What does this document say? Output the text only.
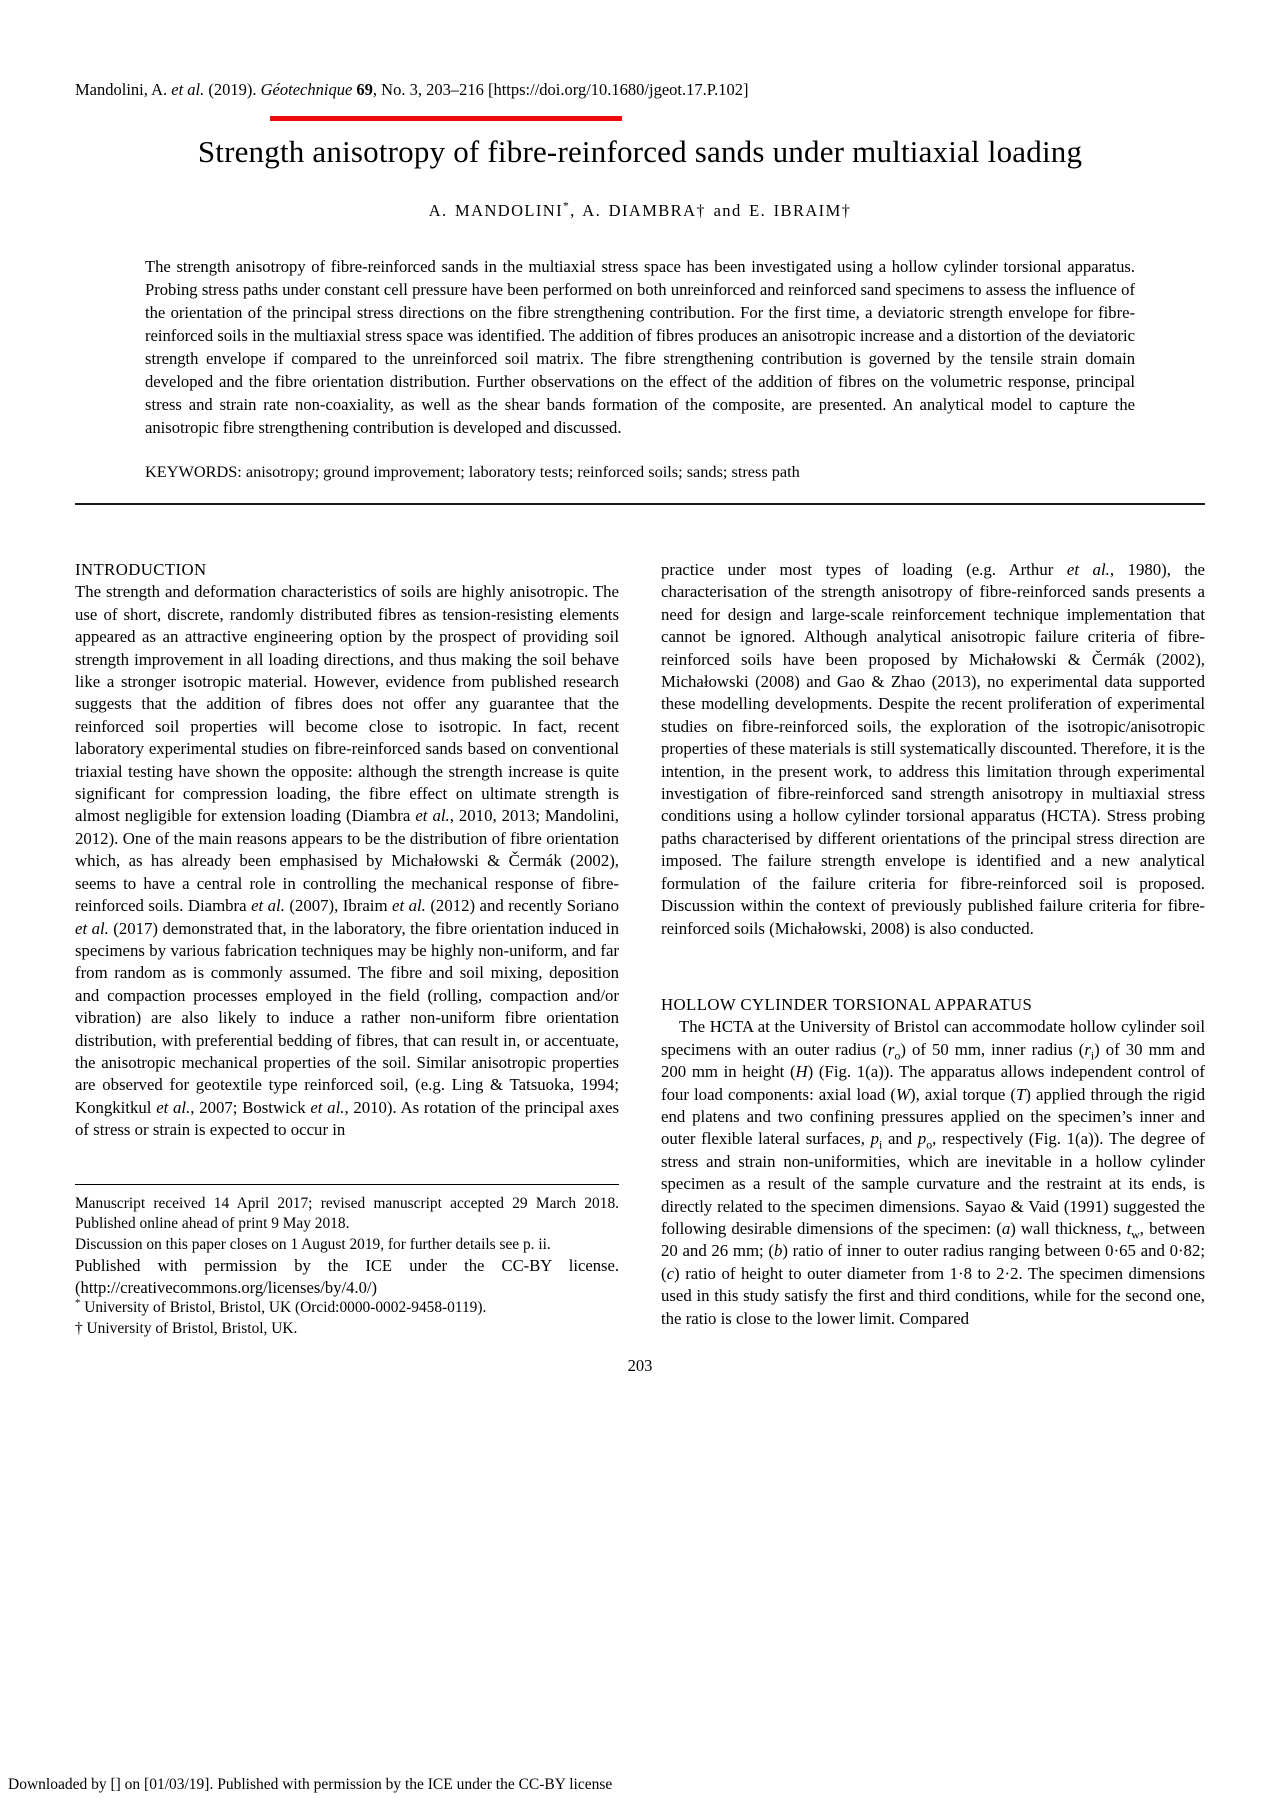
Mandolini, A. et al. (2019). Géotechnique 69, No. 3, 203–216 [https://doi.org/10.1680/jgeot.17.P.102]
Strength anisotropy of fibre-reinforced sands under multiaxial loading
A. MANDOLINI*, A. DIAMBRA† and E. IBRAIM†
The strength anisotropy of fibre-reinforced sands in the multiaxial stress space has been investigated using a hollow cylinder torsional apparatus. Probing stress paths under constant cell pressure have been performed on both unreinforced and reinforced sand specimens to assess the influence of the orientation of the principal stress directions on the fibre strengthening contribution. For the first time, a deviatoric strength envelope for fibre-reinforced soils in the multiaxial stress space was identified. The addition of fibres produces an anisotropic increase and a distortion of the deviatoric strength envelope if compared to the unreinforced soil matrix. The fibre strengthening contribution is governed by the tensile strain domain developed and the fibre orientation distribution. Further observations on the effect of the addition of fibres on the volumetric response, principal stress and strain rate non-coaxiality, as well as the shear bands formation of the composite, are presented. An analytical model to capture the anisotropic fibre strengthening contribution is developed and discussed.
KEYWORDS: anisotropy; ground improvement; laboratory tests; reinforced soils; sands; stress path
INTRODUCTION
The strength and deformation characteristics of soils are highly anisotropic. The use of short, discrete, randomly distributed fibres as tension-resisting elements appeared as an attractive engineering option by the prospect of providing soil strength improvement in all loading directions, and thus making the soil behave like a stronger isotropic material. However, evidence from published research suggests that the addition of fibres does not offer any guarantee that the reinforced soil properties will become close to isotropic. In fact, recent laboratory experimental studies on fibre-reinforced sands based on conventional triaxial testing have shown the opposite: although the strength increase is quite significant for compression loading, the fibre effect on ultimate strength is almost negligible for extension loading (Diambra et al., 2010, 2013; Mandolini, 2012). One of the main reasons appears to be the distribution of fibre orientation which, as has already been emphasised by Michałowski & Čermák (2002), seems to have a central role in controlling the mechanical response of fibre-reinforced soils. Diambra et al. (2007), Ibraim et al. (2012) and recently Soriano et al. (2017) demonstrated that, in the laboratory, the fibre orientation induced in specimens by various fabrication techniques may be highly non-uniform, and far from random as is commonly assumed. The fibre and soil mixing, deposition and compaction processes employed in the field (rolling, compaction and/or vibration) are also likely to induce a rather non-uniform fibre orientation distribution, with preferential bedding of fibres, that can result in, or accentuate, the anisotropic mechanical properties of the soil. Similar anisotropic properties are observed for geotextile type reinforced soil, (e.g. Ling & Tatsuoka, 1994; Kongkitkul et al., 2007; Bostwick et al., 2010). As rotation of the principal axes of stress or strain is expected to occur in
Manuscript received 14 April 2017; revised manuscript accepted 29 March 2018. Published online ahead of print 9 May 2018.
Discussion on this paper closes on 1 August 2019, for further details see p. ii.
Published with permission by the ICE under the CC-BY license. (http://creativecommons.org/licenses/by/4.0/)
* University of Bristol, Bristol, UK (Orcid:0000-0002-9458-0119).
† University of Bristol, Bristol, UK.
practice under most types of loading (e.g. Arthur et al., 1980), the characterisation of the strength anisotropy of fibre-reinforced sands presents a need for design and large-scale reinforcement technique implementation that cannot be ignored. Although analytical anisotropic failure criteria of fibre-reinforced soils have been proposed by Michałowski & Čermák (2002), Michałowski (2008) and Gao & Zhao (2013), no experimental data supported these modelling developments. Despite the recent proliferation of experimental studies on fibre-reinforced soils, the exploration of the isotropic/anisotropic properties of these materials is still systematically discounted. Therefore, it is the intention, in the present work, to address this limitation through experimental investigation of fibre-reinforced sand strength anisotropy in multiaxial stress conditions using a hollow cylinder torsional apparatus (HCTA). Stress probing paths characterised by different orientations of the principal stress direction are imposed. The failure strength envelope is identified and a new analytical formulation of the failure criteria for fibre-reinforced soil is proposed. Discussion within the context of previously published failure criteria for fibre-reinforced soils (Michałowski, 2008) is also conducted.
HOLLOW CYLINDER TORSIONAL APPARATUS
The HCTA at the University of Bristol can accommodate hollow cylinder soil specimens with an outer radius $(r_o)$ of 50 mm, inner radius $(r_i)$ of 30 mm and 200 mm in height (H) (Fig. 1(a)). The apparatus allows independent control of four load components: axial load (W), axial torque (T) applied through the rigid end platens and two confining pressures applied on the specimen’s inner and outer flexible lateral surfaces, $p_i$ and $p_o$, respectively (Fig. 1(a)). The degree of stress and strain non-uniformities, which are inevitable in a hollow cylinder specimen as a result of the sample curvature and the restraint at its ends, is directly related to the specimen dimensions. Sayao & Vaid (1991) suggested the following desirable dimensions of the specimen: (a) wall thickness, $t_w$, between 20 and 26 mm; (b) ratio of inner to outer radius ranging between 0·65 and 0·82; (c) ratio of height to outer diameter from 1·8 to 2·2. The specimen dimensions used in this study satisfy the first and third conditions, while for the second one, the ratio is close to the lower limit. Compared
203
Downloaded by [] on [01/03/19]. Published with permission by the ICE under the CC-BY license
